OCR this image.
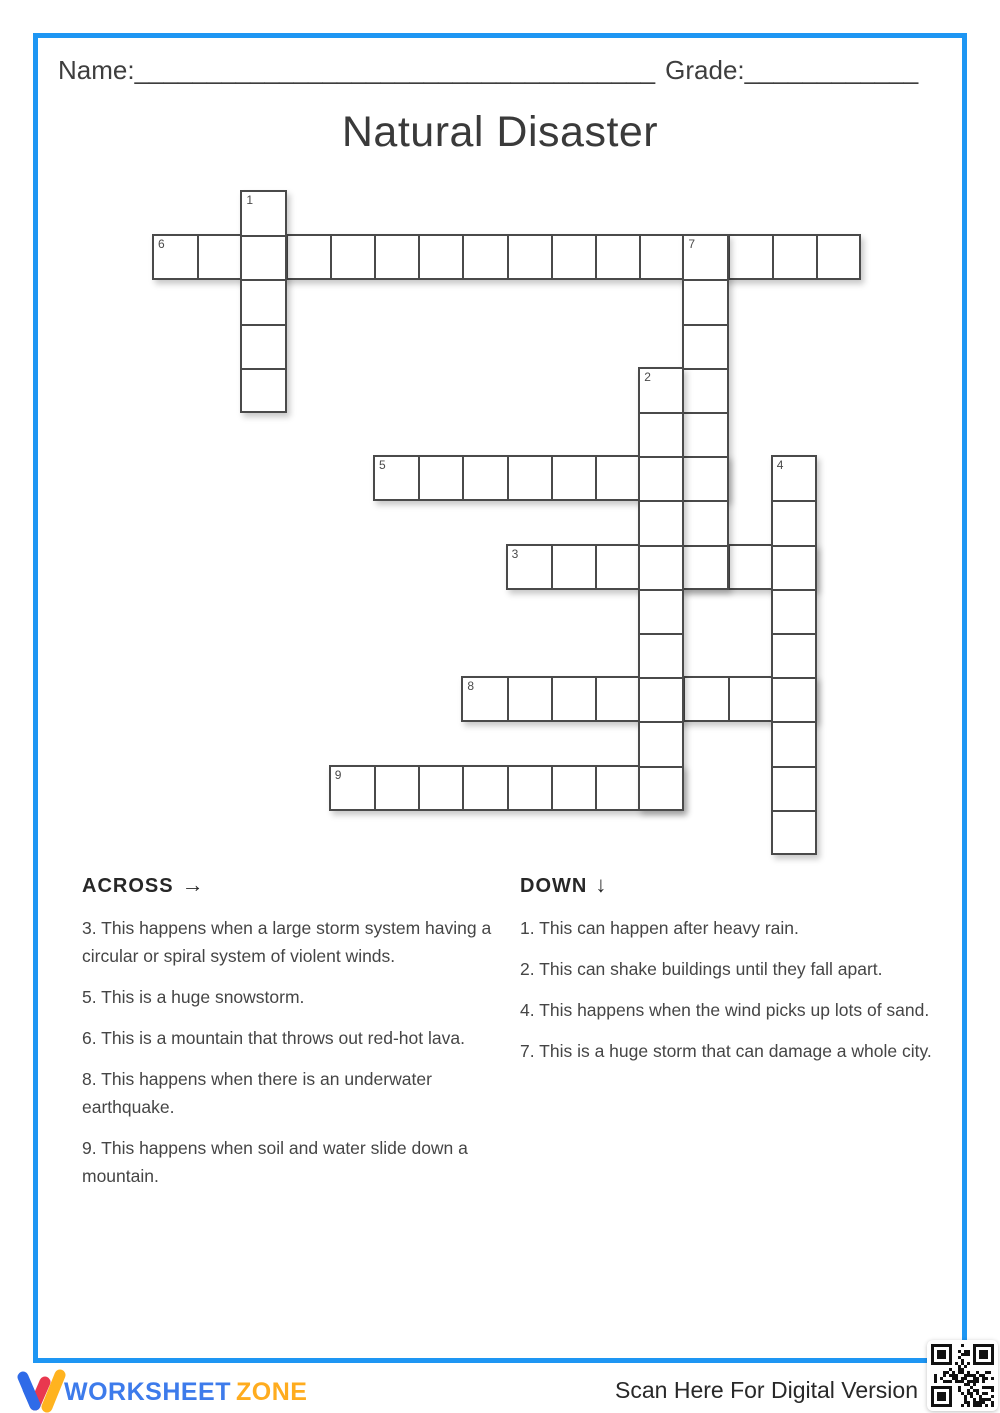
Name:____________________________________ Grade:____________
Natural Disaster
6
5
3
8
9
1
7
2
4
ACROSS →

3. This happens when a large storm system having a circular or spiral system of violent winds.

5. This is a huge snowstorm.

6. This is a mountain that throws out red-hot lava.

8. This happens when there is an underwater earthquake.

9. This happens when soil and water slide down a mountain.

DOWN ↓

1. This can happen after heavy rain.

2. This can shake buildings until they fall apart.

4. This happens when the wind picks up lots of sand.

7. This is a huge storm that can damage a whole city.

WORKSHEET ZONE	Scan Here For Digital Version
